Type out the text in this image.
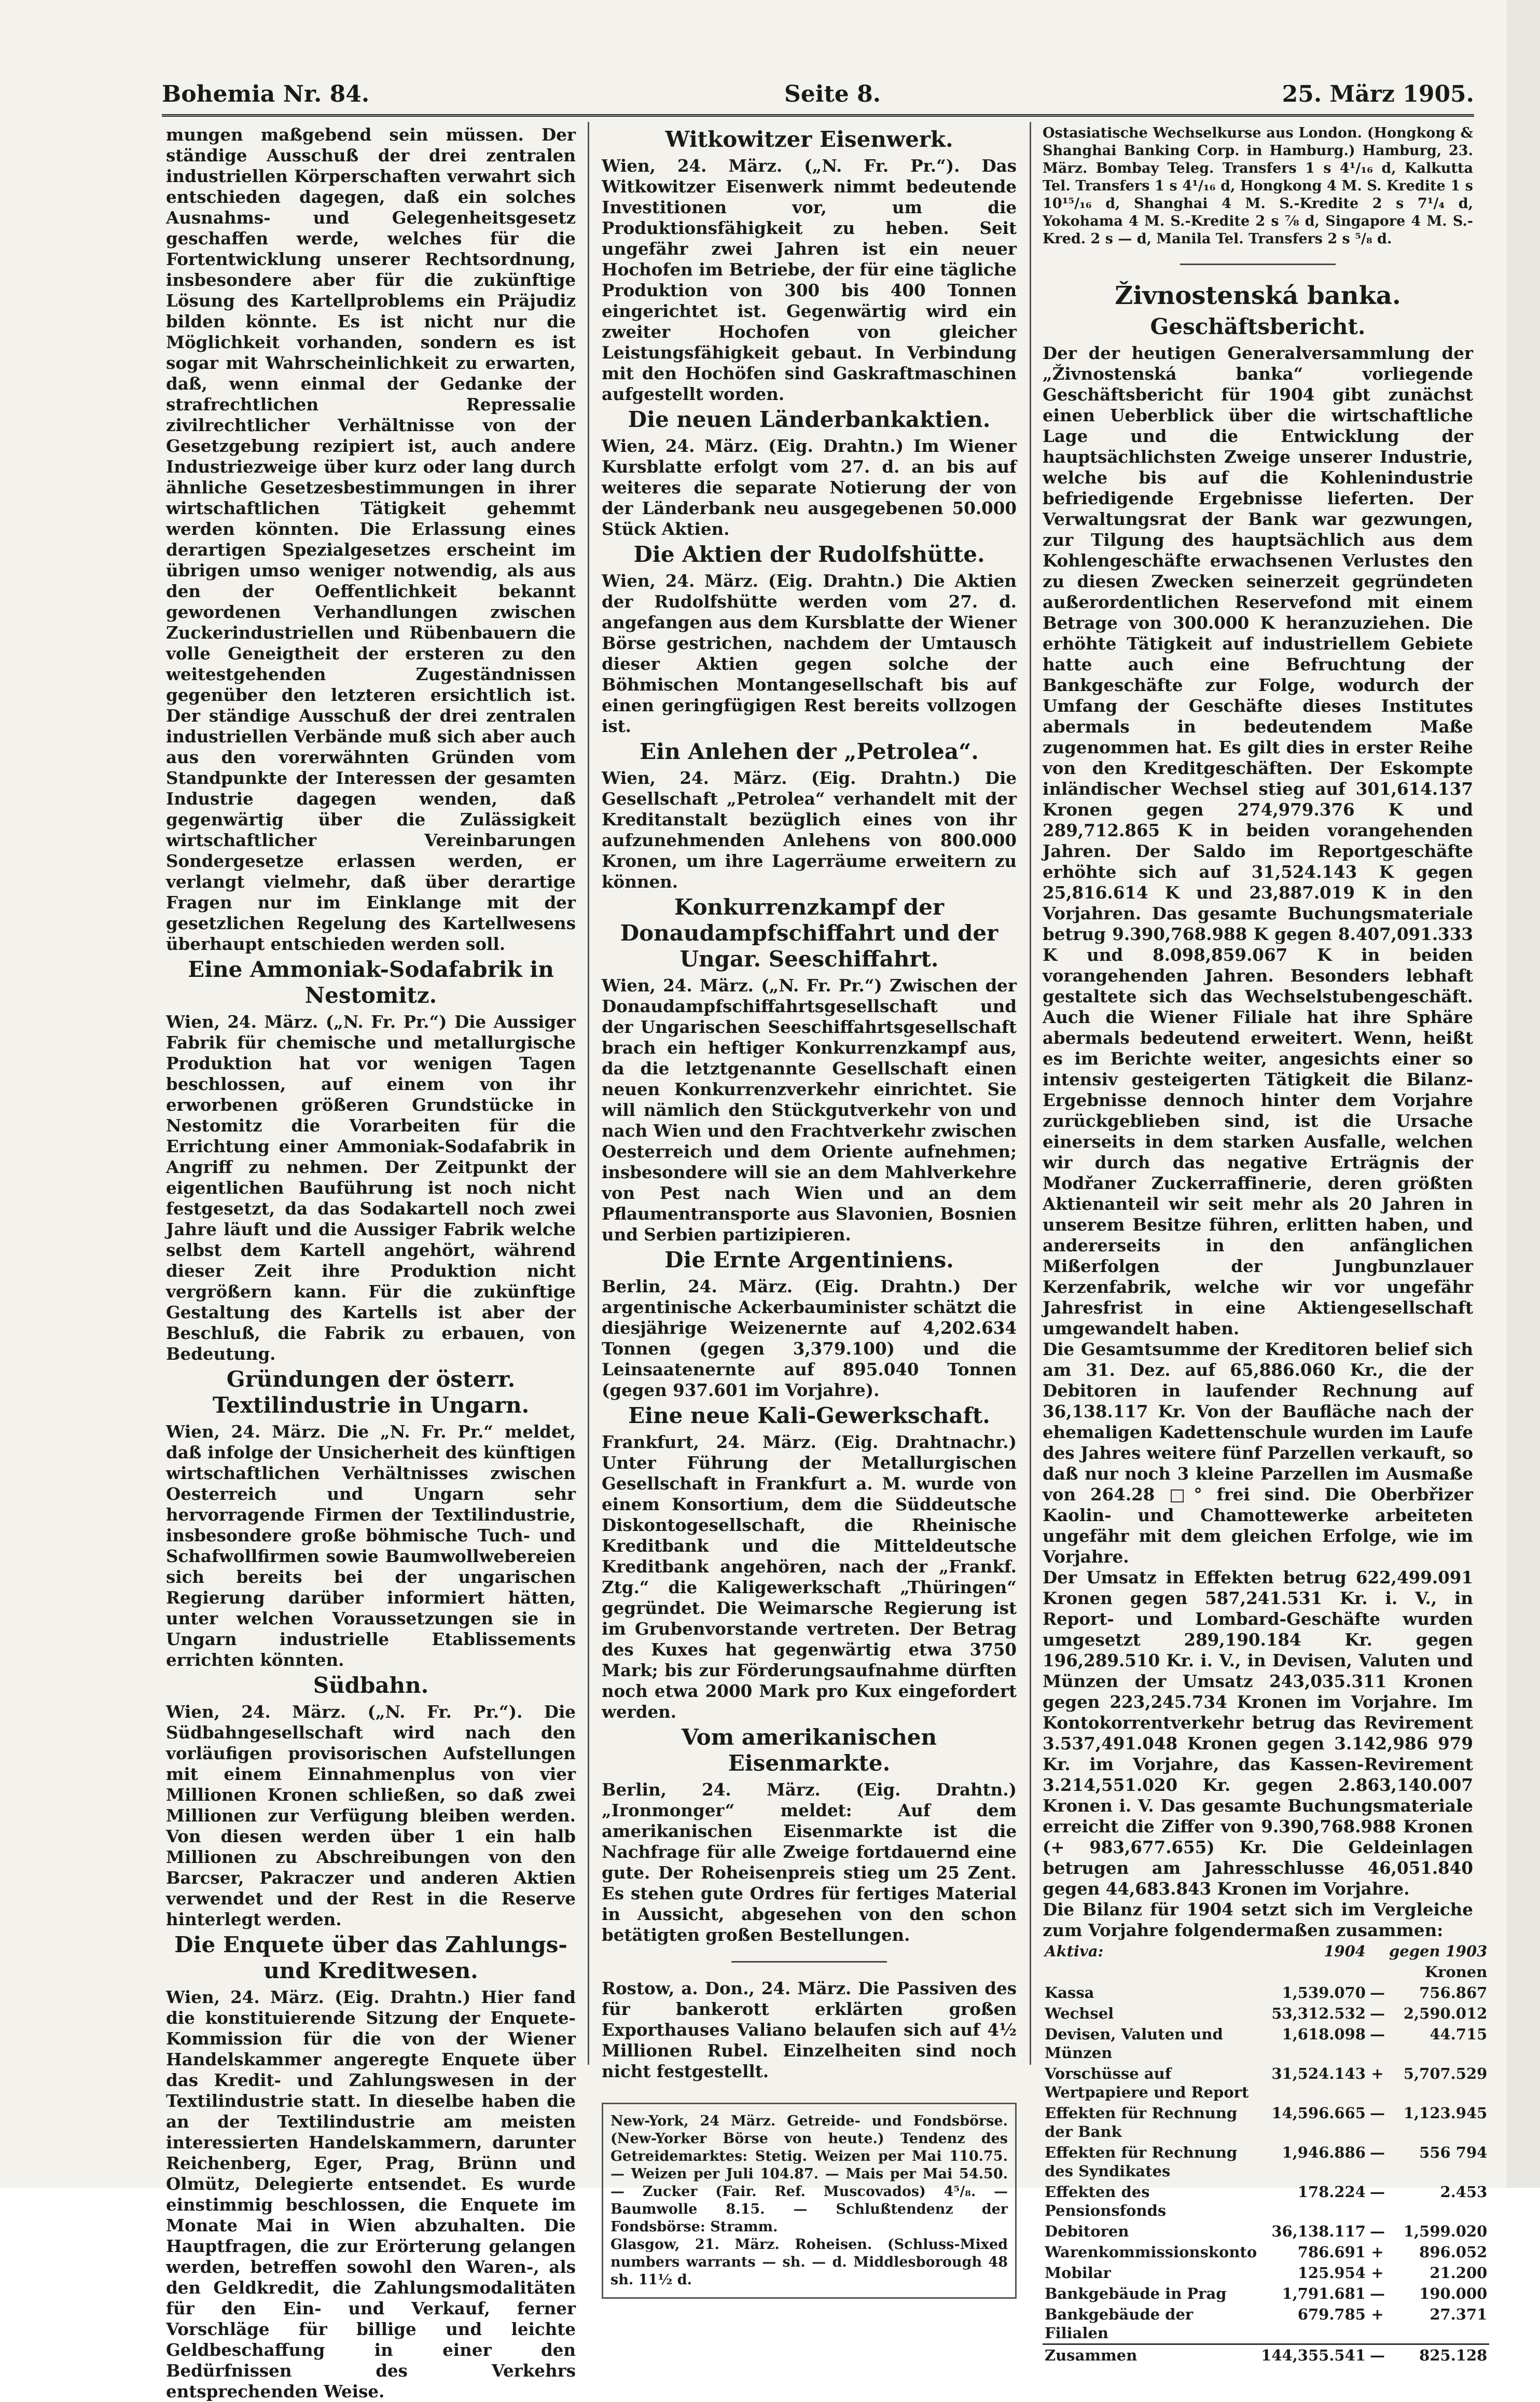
Bohemia Nr. 84.	Seite 8.	25. März 1905.

mungen maßgebend sein müssen. Der ständige Ausschuß der drei zentralen industriellen Körperschaften verwahrt sich entschieden dagegen, daß ein solches Ausnahms- und Gelegenheitsgesetz geschaffen werde, welches für die Fortentwicklung unserer Rechtsordnung, insbesondere aber für die zukünftige Lösung des Kartellproblems ein Präjudiz bilden könnte. Es ist nicht nur die Möglichkeit vorhanden, sondern es ist sogar mit Wahrscheinlichkeit zu erwarten, daß, wenn einmal der Gedanke der strafrechtlichen Repressalie zivilrechtlicher Verhältnisse von der Gesetzgebung rezipiert ist, auch andere Industriezweige über kurz oder lang durch ähnliche Gesetzesbestimmungen in ihrer wirtschaftlichen Tätigkeit gehemmt werden könnten. Die Erlassung eines derartigen Spezialgesetzes erscheint im übrigen umso weniger notwendig, als aus den der Oeffentlichkeit bekannt gewordenen Verhandlungen zwischen Zuckerindustriellen und Rübenbauern die volle Geneigtheit der ersteren zu den weitestgehenden Zugeständnissen gegenüber den letzteren ersichtlich ist. Der ständige Ausschuß der drei zentralen industriellen Verbände muß sich aber auch aus den vorerwähnten Gründen vom Standpunkte der Interessen der gesamten Industrie dagegen wenden, daß gegenwärtig über die Zulässigkeit wirtschaftlicher Vereinbarungen Sondergesetze erlassen werden, er verlangt vielmehr, daß über derartige Fragen nur im Einklange mit der gesetzlichen Regelung des Kartellwesens überhaupt entschieden werden soll.

Eine Ammoniak-Sodafabrik in Nestomitz.

Wien, 24. März. („N. Fr. Pr.“) Die Aussiger Fabrik für chemische und metallurgische Produktion hat vor wenigen Tagen beschlossen, auf einem von ihr erworbenen größeren Grundstücke in Nestomitz die Vorarbeiten für die Errichtung einer Ammoniak-Sodafabrik in Angriff zu nehmen. Der Zeitpunkt der eigentlichen Bauführung ist noch nicht festgesetzt, da das Sodakartell noch zwei Jahre läuft und die Aussiger Fabrik welche selbst dem Kartell angehört, während dieser Zeit ihre Produktion nicht vergrößern kann. Für die zukünftige Gestaltung des Kartells ist aber der Beschluß, die Fabrik zu erbauen, von Bedeutung.

Gründungen der österr. Textilindustrie in Ungarn.

Wien, 24. März. Die „N. Fr. Pr.“ meldet, daß infolge der Unsicherheit des künftigen wirtschaftlichen Verhältnisses zwischen Oesterreich und Ungarn sehr hervorragende Firmen der Textilindustrie, insbesondere große böhmische Tuch- und Schafwollfirmen sowie Baumwollwebereien sich bereits bei der ungarischen Regierung darüber informiert hätten, unter welchen Voraussetzungen sie in Ungarn industrielle Etablissements errichten könnten.

Südbahn.

Wien, 24. März. („N. Fr. Pr.“). Die Südbahngesellschaft wird nach den vorläufigen provisorischen Aufstellungen mit einem Einnahmenplus von vier Millionen Kronen schließen, so daß zwei Millionen zur Verfügung bleiben werden. Von diesen werden über 1 ein halb Millionen zu Abschreibungen von den Barcser, Pakraczer und anderen Aktien verwendet und der Rest in die Reserve hinterlegt werden.

Die Enquete über das Zahlungs- und Kreditwesen.

Wien, 24. März. (Eig. Drahtn.) Hier fand die konstituierende Sitzung der Enquete-Kommission für die von der Wiener Handelskammer angeregte Enquete über das Kredit- und Zahlungswesen in der Textilindustrie statt. In dieselbe haben die an der Textilindustrie am meisten interessierten Handelskammern, darunter Reichenberg, Eger, Prag, Brünn und Olmütz, Delegierte entsendet. Es wurde einstimmig beschlossen, die Enquete im Monate Mai in Wien abzuhalten. Die Hauptfragen, die zur Erörterung gelangen werden, betreffen sowohl den Waren-, als den Geldkredit, die Zahlungsmodalitäten für den Ein- und Verkauf, ferner Vorschläge für billige und leichte Geldbeschaffung in einer den Bedürfnissen des Verkehrs entsprechenden Weise.

Witkowitzer Eisenwerk.

Wien, 24. März. („N. Fr. Pr.“). Das Witkowitzer Eisenwerk nimmt bedeutende Investitionen vor, um die Produktionsfähigkeit zu heben. Seit ungefähr zwei Jahren ist ein neuer Hochofen im Betriebe, der für eine tägliche Produktion von 300 bis 400 Tonnen eingerichtet ist. Gegenwärtig wird ein zweiter Hochofen von gleicher Leistungsfähigkeit gebaut. In Verbindung mit den Hochöfen sind Gaskraftmaschinen aufgestellt worden.

Die neuen Länderbankaktien.

Wien, 24. März. (Eig. Drahtn.) Im Wiener Kursblatte erfolgt vom 27. d. an bis auf weiteres die separate Notierung der von der Länderbank neu ausgegebenen 50.000 Stück Aktien.

Die Aktien der Rudolfshütte.

Wien, 24. März. (Eig. Drahtn.) Die Aktien der Rudolfshütte werden vom 27. d. angefangen aus dem Kursblatte der Wiener Börse gestrichen, nachdem der Umtausch dieser Aktien gegen solche der Böhmischen Montangesellschaft bis auf einen geringfügigen Rest bereits vollzogen ist.

Ein Anlehen der „Petrolea“.

Wien, 24. März. (Eig. Drahtn.) Die Gesellschaft „Petrolea“ verhandelt mit der Kreditanstalt bezüglich eines von ihr aufzunehmenden Anlehens von 800.000 Kronen, um ihre Lagerräume erweitern zu können.

Konkurrenzkampf der Donaudampfschiffahrt und der Ungar. Seeschiffahrt.

Wien, 24. März. („N. Fr. Pr.“) Zwischen der Donaudampfschiffahrtsgesellschaft und der Ungarischen Seeschiffahrtsgesellschaft brach ein heftiger Konkurrenzkampf aus, da die letztgenannte Gesellschaft einen neuen Konkurrenzverkehr einrichtet. Sie will nämlich den Stückgutverkehr von und nach Wien und den Frachtverkehr zwischen Oesterreich und dem Oriente aufnehmen; insbesondere will sie an dem Mahlverkehre von Pest nach Wien und an dem Pflaumentransporte aus Slavonien, Bosnien und Serbien partizipieren.

Die Ernte Argentiniens.

Berlin, 24. März. (Eig. Drahtn.) Der argentinische Ackerbauminister schätzt die diesjährige Weizenernte auf 4,202.634 Tonnen (gegen 3,379.100) und die Leinsaatenernte auf 895.040 Tonnen (gegen 937.601 im Vorjahre).

Eine neue Kali-Gewerkschaft.

Frankfurt, 24. März. (Eig. Drahtnachr.) Unter Führung der Metallurgischen Gesellschaft in Frankfurt a. M. wurde von einem Konsortium, dem die Süddeutsche Diskontogesellschaft, die Rheinische Kreditbank und die Mitteldeutsche Kreditbank angehören, nach der „Frankf. Ztg.“ die Kaligewerkschaft „Thüringen“ gegründet. Die Weimarsche Regierung ist im Grubenvorstande vertreten. Der Betrag des Kuxes hat gegenwärtig etwa 3750 Mark; bis zur Förderungsaufnahme dürften noch etwa 2000 Mark pro Kux eingefordert werden.

Vom amerikanischen Eisenmarkte.

Berlin, 24. März. (Eig. Drahtn.) „Ironmonger“ meldet: Auf dem amerikanischen Eisenmarkte ist die Nachfrage für alle Zweige fortdauernd eine gute. Der Roheisenpreis stieg um 25 Zent. Es stehen gute Ordres für fertiges Material in Aussicht, abgesehen von den schon betätigten großen Bestellungen.

Rostow, a. Don., 24. März. Die Passiven des für bankerott erklärten großen Exporthauses Valiano belaufen sich auf 4½ Millionen Rubel. Einzelheiten sind noch nicht festgestellt.

New-York, 24 März. Getreide- und Fondsbörse. (New-Yorker Börse von heute.) Tendenz des Getreidemarktes: Stetig. Weizen per Mai 110.75. — Weizen per Juli 104.87. — Mais per Mai 54.50. — Zucker (Fair. Ref. Muscovados) 4⁵/₈. — Baumwolle 8.15. — Schlußtendenz der Fondsbörse: Stramm.

Glasgow, 21. März. Roheisen. (Schluss-Mixed numbers warrants — sh. — d. Middlesborough 48 sh. 11½ d.

Ostasiatische Wechselkurse aus London. (Hongkong & Shanghai Banking Corp. in Hamburg.) Hamburg, 23. März. Bombay Teleg. Transfers 1 s 4¹/₁₆ d, Kalkutta Tel. Transfers 1 s 4¹/₁₆ d, Hongkong 4 M. S. Kredite 1 s 10¹⁵/₁₆ d, Shanghai 4 M. S.-Kredite 2 s 7¹/₄ d, Yokohama 4 M. S.-Kredite 2 s ⅞ d, Singapore 4 M. S.-Kred. 2 s — d, Manila Tel. Transfers 2 s ⁵/₈ d.

Živnostenská banka.
Geschäftsbericht.

Der der heutigen Generalversammlung der „Živnostenská banka“ vorliegende Geschäftsbericht für 1904 gibt zunächst einen Ueberblick über die wirtschaftliche Lage und die Entwicklung der hauptsächlichsten Zweige unserer Industrie, welche bis auf die Kohlenindustrie befriedigende Ergebnisse lieferten. Der Verwaltungsrat der Bank war gezwungen, zur Tilgung des hauptsächlich aus dem Kohlengeschäfte erwachsenen Verlustes den zu diesen Zwecken seinerzeit gegründeten außerordentlichen Reservefond mit einem Betrage von 300.000 K heranzuziehen. Die erhöhte Tätigkeit auf industriellem Gebiete hatte auch eine Befruchtung der Bankgeschäfte zur Folge, wodurch der Umfang der Geschäfte dieses Institutes abermals in bedeutendem Maße zugenommen hat. Es gilt dies in erster Reihe von den Kreditgeschäften. Der Eskompte inländischer Wechsel stieg auf 301,614.137 Kronen gegen 274,979.376 K und 289,712.865 K in beiden vorangehenden Jahren. Der Saldo im Reportgeschäfte erhöhte sich auf 31,524.143 K gegen 25,816.614 K und 23,887.019 K in den Vorjahren. Das gesamte Buchungsmateriale betrug 9.390,768.988 K gegen 8.407,091.333 K und 8.098,859.067 K in beiden vorangehenden Jahren. Besonders lebhaft gestaltete sich das Wechselstubengeschäft. Auch die Wiener Filiale hat ihre Sphäre abermals bedeutend erweitert. Wenn, heißt es im Berichte weiter, angesichts einer so intensiv gesteigerten Tätigkeit die Bilanz-Ergebnisse dennoch hinter dem Vorjahre zurückgeblieben sind, ist die Ursache einerseits in dem starken Ausfalle, welchen wir durch das negative Erträgnis der Modřaner Zuckerraffinerie, deren größten Aktienanteil wir seit mehr als 20 Jahren in unserem Besitze führen, erlitten haben, und andererseits in den anfänglichen Mißerfolgen der Jungbunzlauer Kerzenfabrik, welche wir vor ungefähr Jahresfrist in eine Aktiengesellschaft umgewandelt haben.

Die Gesamtsumme der Kreditoren belief sich am 31. Dez. auf 65,886.060 Kr., die der Debitoren in laufender Rechnung auf 36,138.117 Kr. Von der Baufläche nach der ehemaligen Kadettenschule wurden im Laufe des Jahres weitere fünf Parzellen verkauft, so daß nur noch 3 kleine Parzellen im Ausmaße von 264.28 □° frei sind. Die Oberbřizer Kaolin- und Chamottewerke arbeiteten ungefähr mit dem gleichen Erfolge, wie im Vorjahre.

Der Umsatz in Effekten betrug 622,499.091 Kronen gegen 587,241.531 Kr. i. V., in Report- und Lombard-Geschäfte wurden umgesetzt 289,190.184 Kr. gegen 196,289.510 Kr. i. V., in Devisen, Valuten und Münzen der Umsatz 243,035.311 Kronen gegen 223,245.734 Kronen im Vorjahre. Im Kontokorrentverkehr betrug das Revirement 3.537,491.048 Kronen gegen 3.142,986 979 Kr. im Vorjahre, das Kassen-Revirement 3.214,551.020 Kr. gegen 2.863,140.007 Kronen i. V. Das gesamte Buchungsmateriale erreicht die Ziffer von 9.390,768.988 Kronen (+ 983,677.655) Kr. Die Geldeinlagen betrugen am Jahresschlusse 46,051.840 gegen 44,683.843 Kronen im Vorjahre.

Die Bilanz für 1904 setzt sich im Vergleiche zum Vorjahre folgendermaßen zusammen:

Aktiva:	1904		gegen 1903
			Kronen
Kassa	1,539.070	—	756.867
Wechsel	53,312.532	—	2,590.012
Devisen, Valuten und Münzen	1,618.098	—	44.715
Vorschüsse auf Wertpapiere und Report	31,524.143	+	5,707.529
Effekten für Rechnung der Bank	14,596.665	—	1,123.945
Effekten für Rechnung des Syndikates	1,946.886	—	556 794
Effekten des Pensionsfonds	178.224	—	2.453
Debitoren	36,138.117	—	1,599.020
Warenkommissionskonto	786.691	+	896.052
Mobilar	125.954	+	21.200
Bankgebäude in Prag	1,791.681	—	190.000
Bankgebäude der Filialen	679.785	+	27.371
Zusammen	144,355.541	—	825.128
